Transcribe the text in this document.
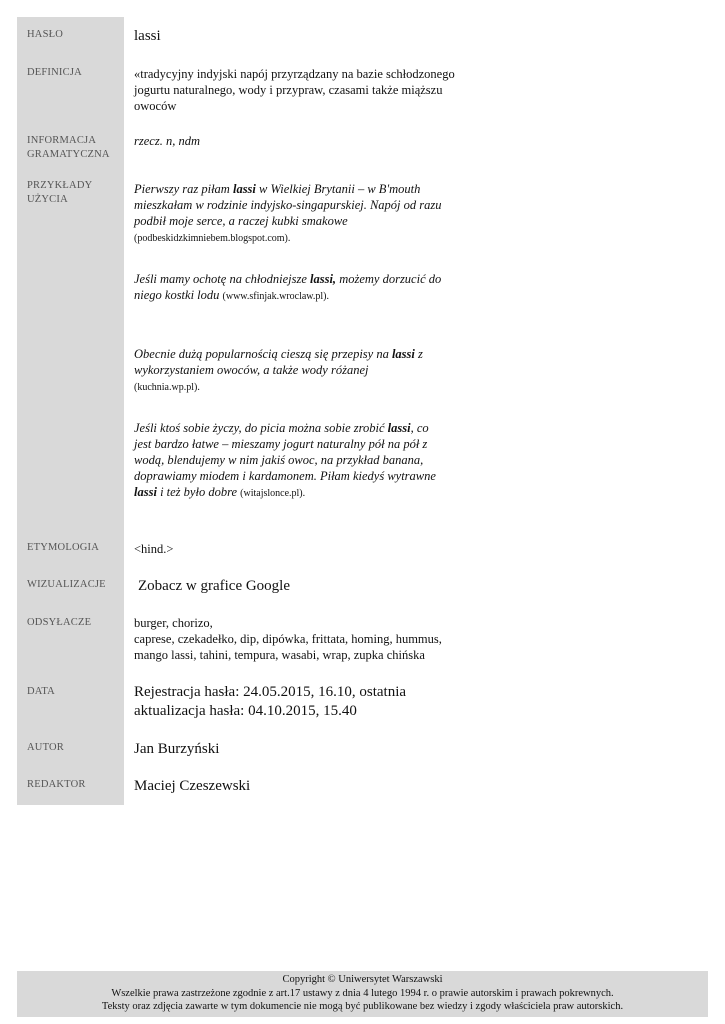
HASŁO
DEFINICJA
INFORMACJA
GRAMATYCZNA
PRZYKŁADY
UŻYCIA
ETYMOLOGIA
WIZUALIZACJE
ODSYŁACZE
DATA
AUTOR
REDAKTOR
lassi
«tradycyjny indyjski napój przyrządzany na bazie schłodzonego jogurtu naturalnego, wody i przypraw, czasami także miąższu owoców
rzecz. n, ndm
Pierwszy raz piłam lassi w Wielkiej Brytanii – w B'mouth mieszkałam w rodzinie indyjsko-singapurskiej. Napój od razu podbił moje serce, a raczej kubki smakowe (podbeskidzkimniebem.blogspot.com).
Jeśli mamy ochotę na chłodniejsze lassi, możemy dorzucić do niego kostki lodu (www.sfinjak.wroclaw.pl).
Obecnie dużą popularnością cieszą się przepisy na lassi z wykorzystaniem owoców, a także wody różanej (kuchnia.wp.pl).
Jeśli ktoś sobie życzy, do picia można sobie zrobić lassi, co jest bardzo łatwe – mieszamy jogurt naturalny pół na pół z wodą, blendujemy w nim jakiś owoc, na przykład banana, doprawiamy miodem i kardamonem. Piłam kiedyś wytrawne lassi i też było dobre (witajslonce.pl).
<hind.>
Zobacz w grafice Google
burger, chorizo,
caprese, czekadełko, dip, dipówka, frittata, homing, hummus,
mango lassi, tahini, tempura, wasabi, wrap, zupka chińska
Rejestracja hasła: 24.05.2015, 16.10, ostatnia
aktualizacja hasła: 04.10.2015, 15.40
Jan Burzyński
Maciej Czeszewski
Copyright © Uniwersytet Warszawski
Wszelkie prawa zastrzeżone zgodnie z art.17 ustawy z dnia 4 lutego 1994 r. o prawie autorskim i prawach pokrewnych.
Teksty oraz zdjęcia zawarte w tym dokumencie nie mogą być publikowane bez wiedzy i zgody właściciela praw autorskich.
